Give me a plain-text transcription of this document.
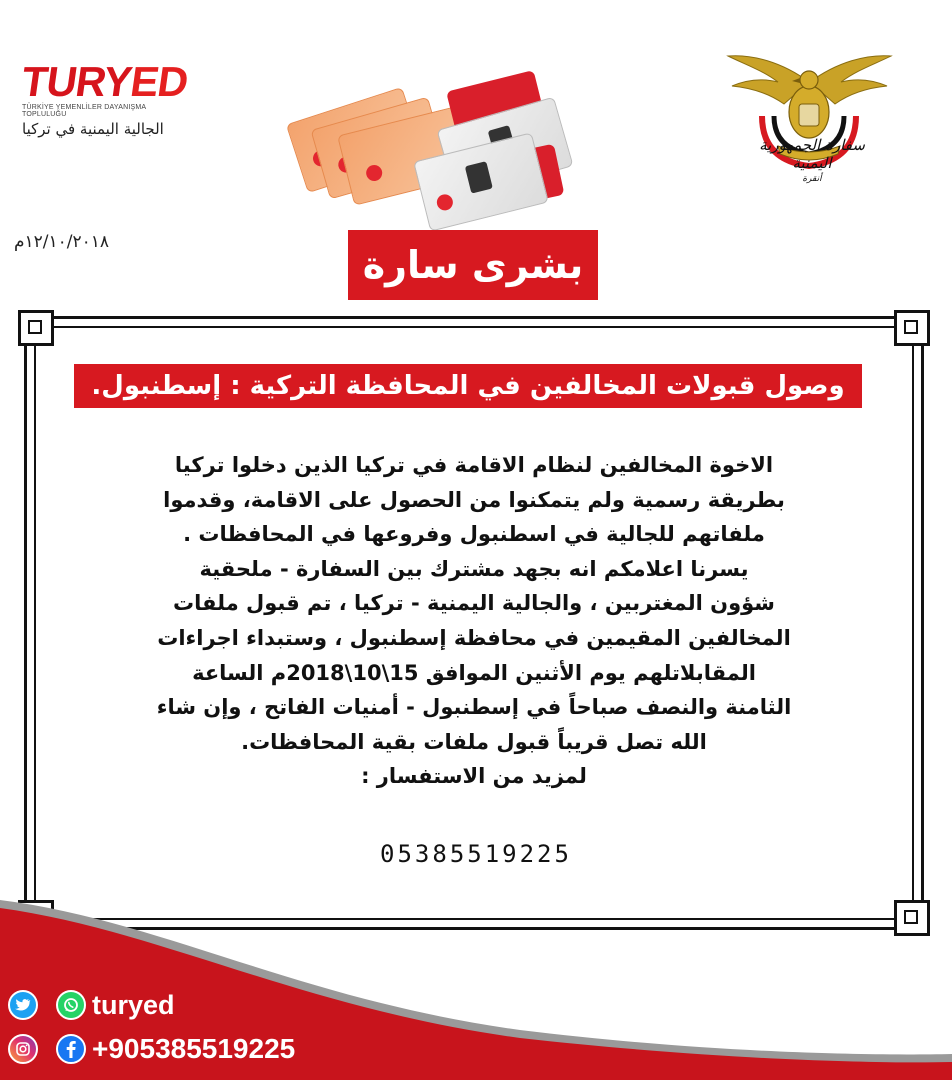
TURYED
TÜRKİYE YEMENLİLER DAYANIŞMA TOPLULUĞU
الجالية اليمنية في تركيا
سفارة الجمهورية اليمنية
أنقرة
١٢/١٠/٢٠١٨م
بشرى سارة
وصول قبولات المخالفين في المحافظة التركية : إسطنبول.

الاخوة المخالفين لنظام الاقامة في تركيا الذين دخلوا تركيا

بطريقة رسمية ولم يتمكنوا من الحصول على الاقامة، وقدموا

ملفاتهم للجالية في اسطنبول وفروعها في المحافظات .

يسرنا اعلامكم انه بجهد مشترك بين السفارة - ملحقية

شؤون المغتربين ، والجالية اليمنية - تركيا ، تم قبول ملفات

المخالفين المقيمين في محافظة إسطنبول ، وستبداء اجراءات

المقابلاتلهم يوم الأثنين الموافق 15\10\2018م الساعة

الثامنة والنصف صباحاً في إسطنبول - أمنيات الفاتح ، وإن شاء

الله تصل قريباً قبول ملفات بقية المحافظات.

لمزيد من الاستفسار :

05385519225
turyed
+905385519225
